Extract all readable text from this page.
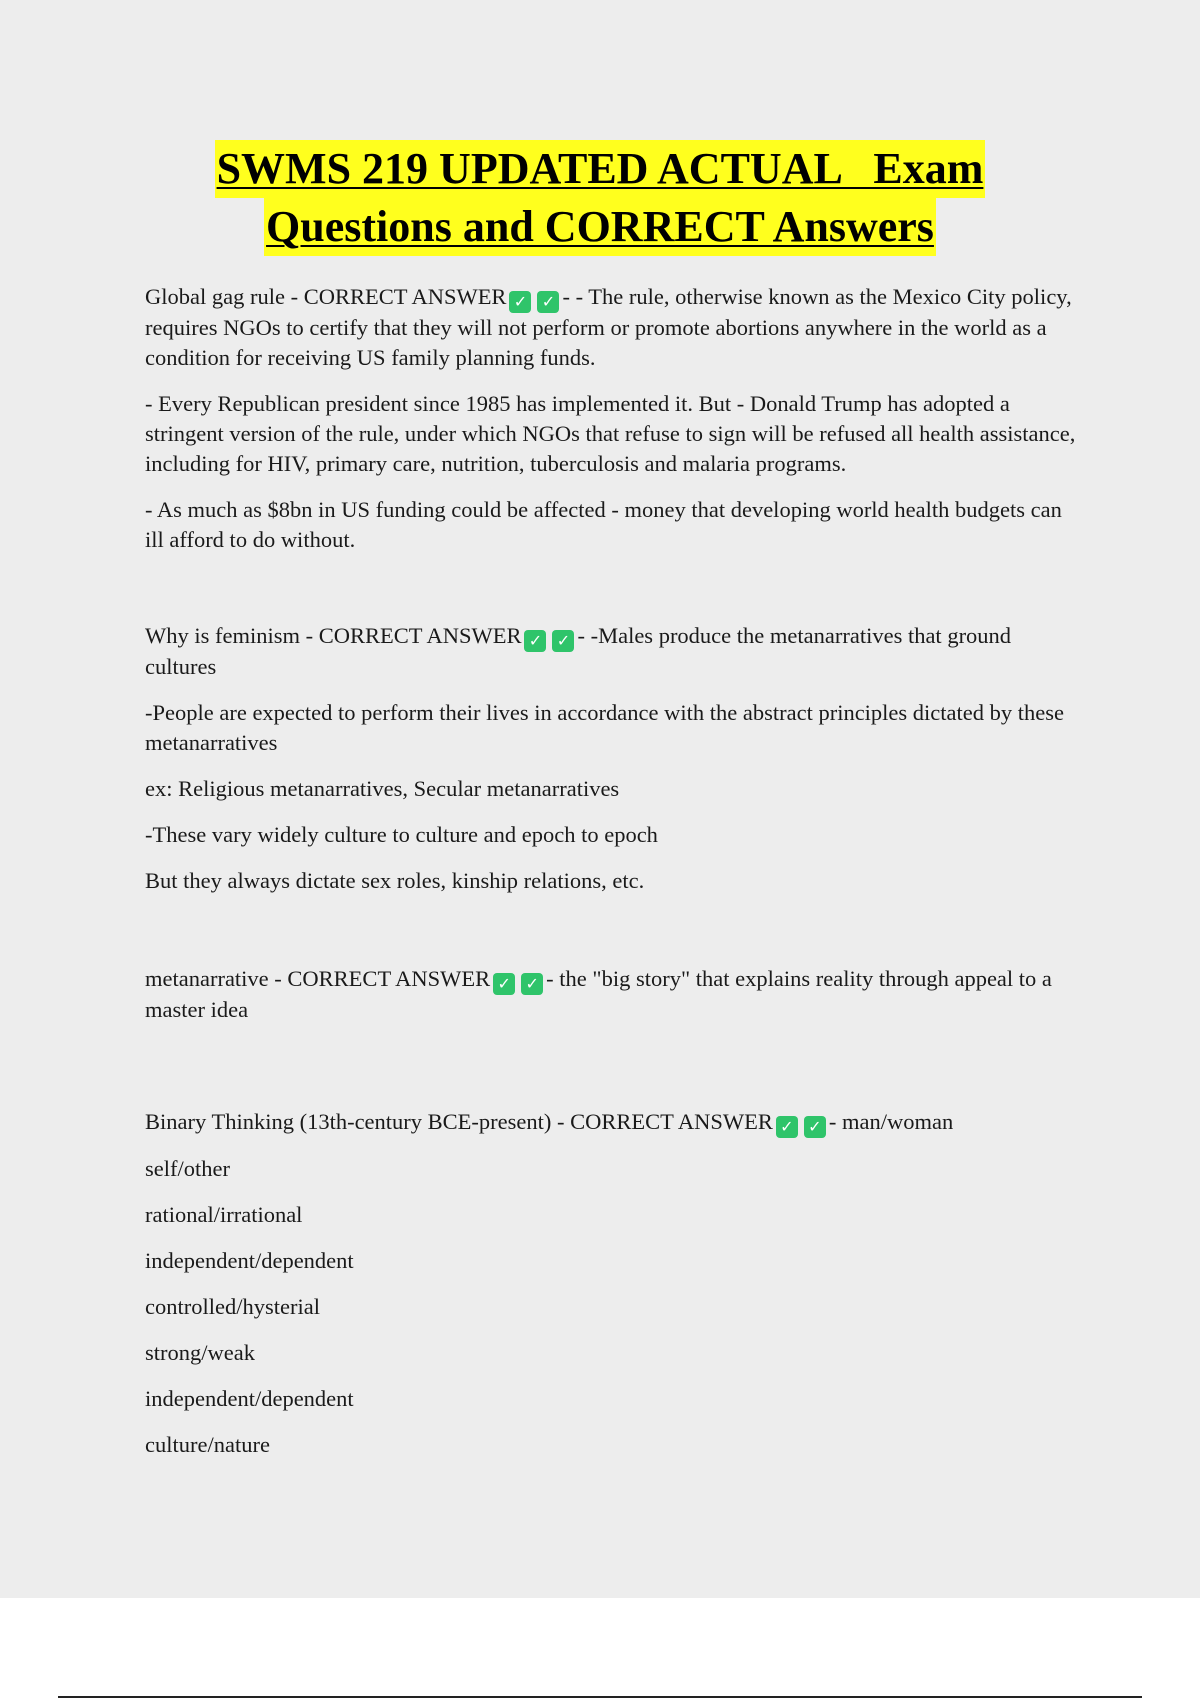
SWMS 219 UPDATED ACTUAL   Exam
Questions and CORRECT Answers

Global gag rule - CORRECT ANSWER ✓ ✓ - - The rule, otherwise known as the Mexico City policy, requires NGOs to certify that they will not perform or promote abortions anywhere in the world as a condition for receiving US family planning funds.

- Every Republican president since 1985 has implemented it. But - Donald Trump has adopted a stringent version of the rule, under which NGOs that refuse to sign will be refused all health assistance, including for HIV, primary care, nutrition, tuberculosis and malaria programs.

- As much as $8bn in US funding could be affected - money that developing world health budgets can ill afford to do without.

Why is feminism - CORRECT ANSWER ✓ ✓ - -Males produce the metanarratives that ground cultures

-People are expected to perform their lives in accordance with the abstract principles dictated by these metanarratives

ex: Religious metanarratives, Secular metanarratives

-These vary widely culture to culture and epoch to epoch

But they always dictate sex roles, kinship relations, etc.

metanarrative - CORRECT ANSWER ✓ ✓ - the "big story" that explains reality through appeal to a master idea

Binary Thinking (13th-century BCE-present) - CORRECT ANSWER ✓ ✓ - man/woman

self/other

rational/irrational

independent/dependent

controlled/hysterial

strong/weak

independent/dependent

culture/nature
